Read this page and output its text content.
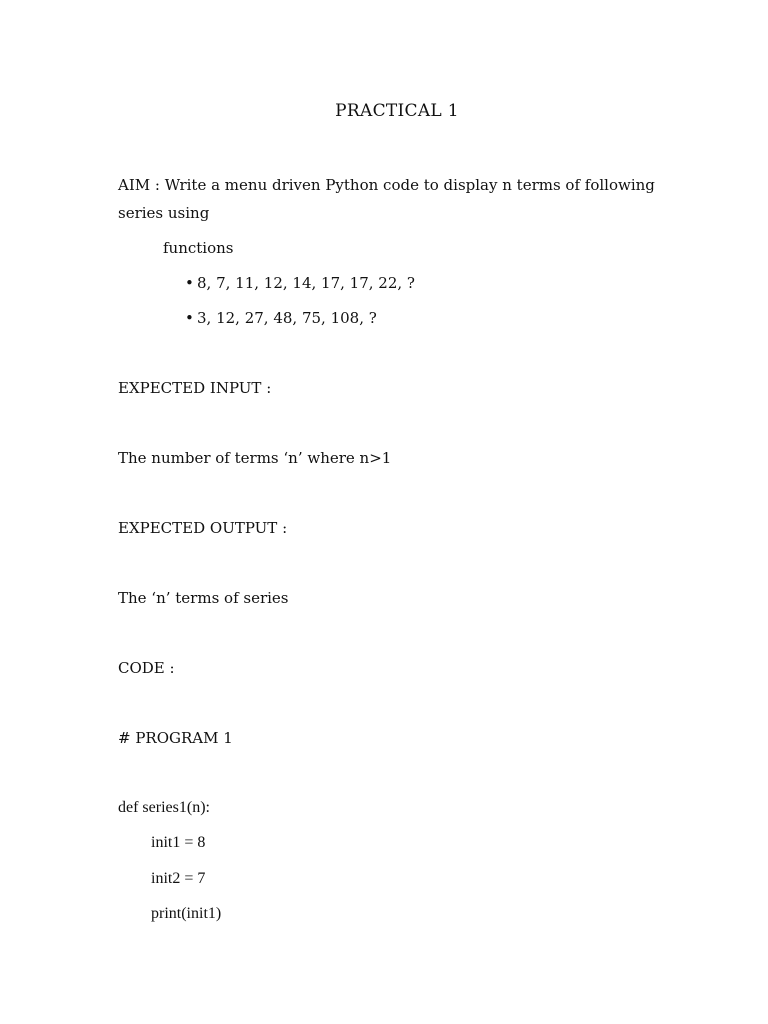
PRACTICAL 1
AIM : Write a menu driven Python code to display n terms of following
series using
functions
• 8, 7, 11, 12, 14, 17, 17, 22, ?
• 3, 12, 27, 48, 75, 108, ?
EXPECTED INPUT :
The number of terms ‘n’ where n>1
EXPECTED OUTPUT :
The ‘n’ terms of series
CODE :
# PROGRAM 1
def series1(n):
init1 = 8
init2 = 7
print(init1)
